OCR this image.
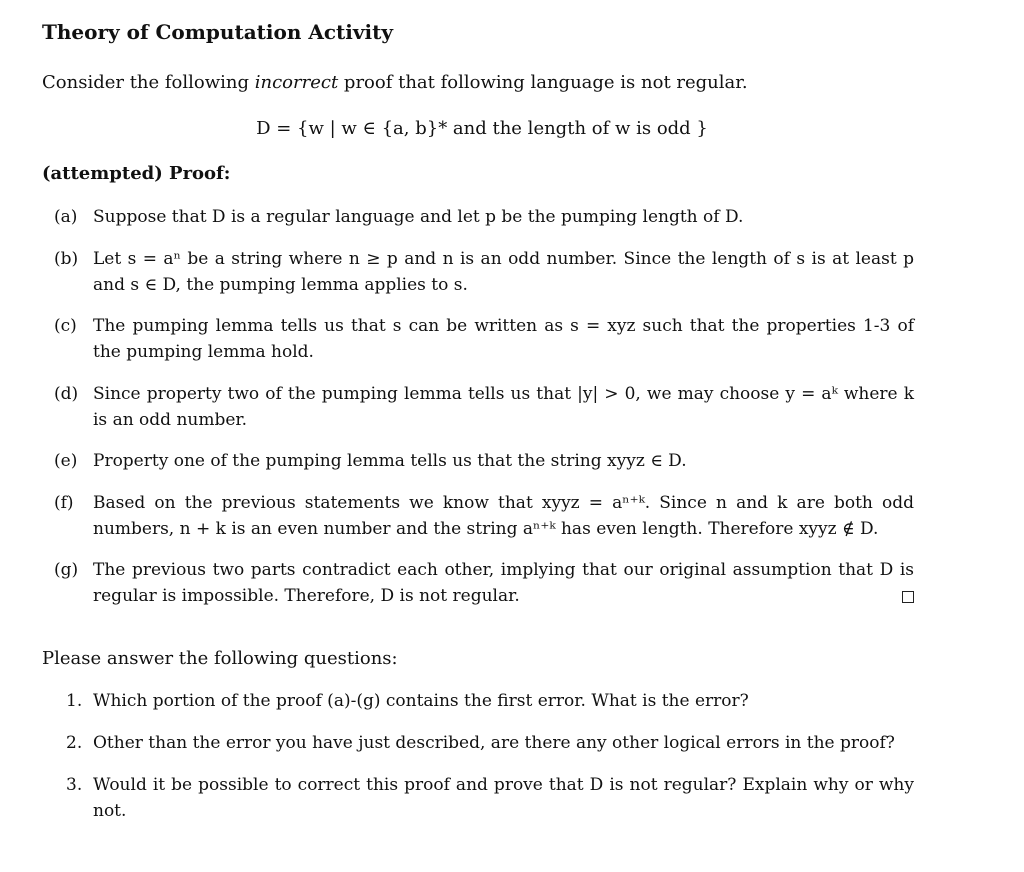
Theory of Computation Activity
Consider the following incorrect proof that following language is not regular.
D = {w | w ∈ {a, b}* and the length of w is odd }
(attempted) Proof:
(a) Suppose that D is a regular language and let p be the pumping length of D.
(b) Let s = aⁿ be a string where n ≥ p and n is an odd number. Since the length of s is at least p and s ∈ D, the pumping lemma applies to s.
(c) The pumping lemma tells us that s can be written as s = xyz such that the properties 1-3 of the pumping lemma hold.
(d) Since property two of the pumping lemma tells us that |y| > 0, we may choose y = aᵏ where k is an odd number.
(e) Property one of the pumping lemma tells us that the string xyyz ∈ D.
(f) Based on the previous statements we know that xyyz = aⁿ⁺ᵏ. Since n and k are both odd numbers, n + k is an even number and the string aⁿ⁺ᵏ has even length. Therefore xyyz ∉ D.
(g) The previous two parts contradict each other, implying that our original assumption that D is regular is impossible. Therefore, D is not regular.
Please answer the following questions:
1. Which portion of the proof (a)-(g) contains the first error. What is the error?
2. Other than the error you have just described, are there any other logical errors in the proof?
3. Would it be possible to correct this proof and prove that D is not regular? Explain why or why not.
